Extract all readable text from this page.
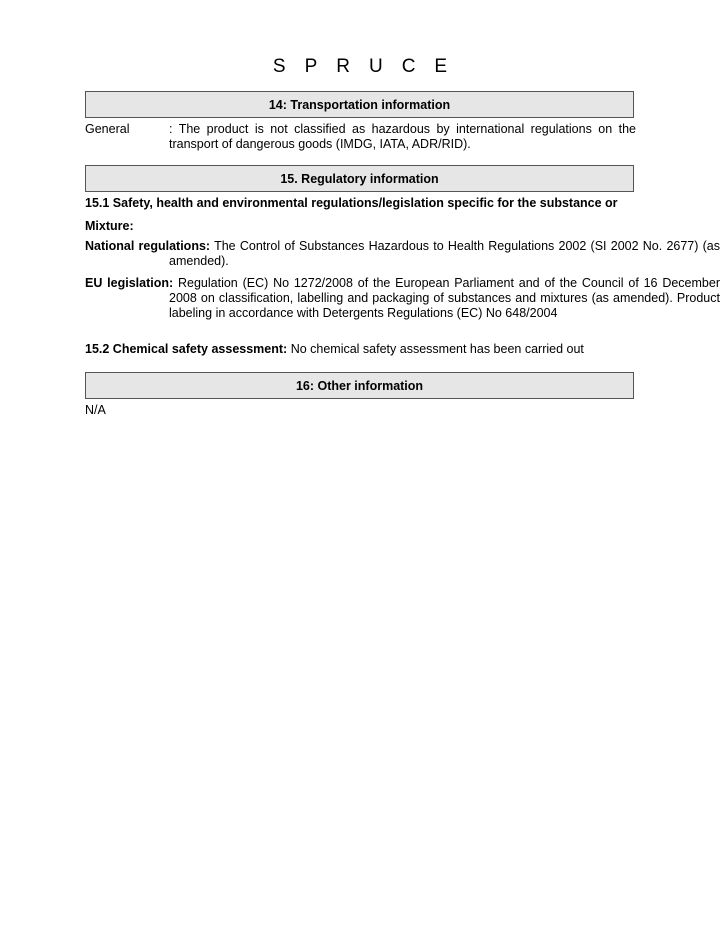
SPRUCE
14: Transportation information
General	: The product is not classified as hazardous by international regulations on the transport of dangerous goods (IMDG, IATA, ADR/RID).
15. Regulatory information
15.1 Safety, health and environmental regulations/legislation specific for the substance or
Mixture:
National regulations: The Control of Substances Hazardous to Health Regulations 2002 (SI 2002 No. 2677) (as amended).
EU legislation: Regulation (EC) No 1272/2008 of the European Parliament and of the Council of 16 December 2008 on classification, labelling and packaging of substances and mixtures (as amended). Product labeling in accordance with Detergents Regulations (EC) No 648/2004
15.2 Chemical safety assessment: No chemical safety assessment has been carried out
16: Other information
N/A
